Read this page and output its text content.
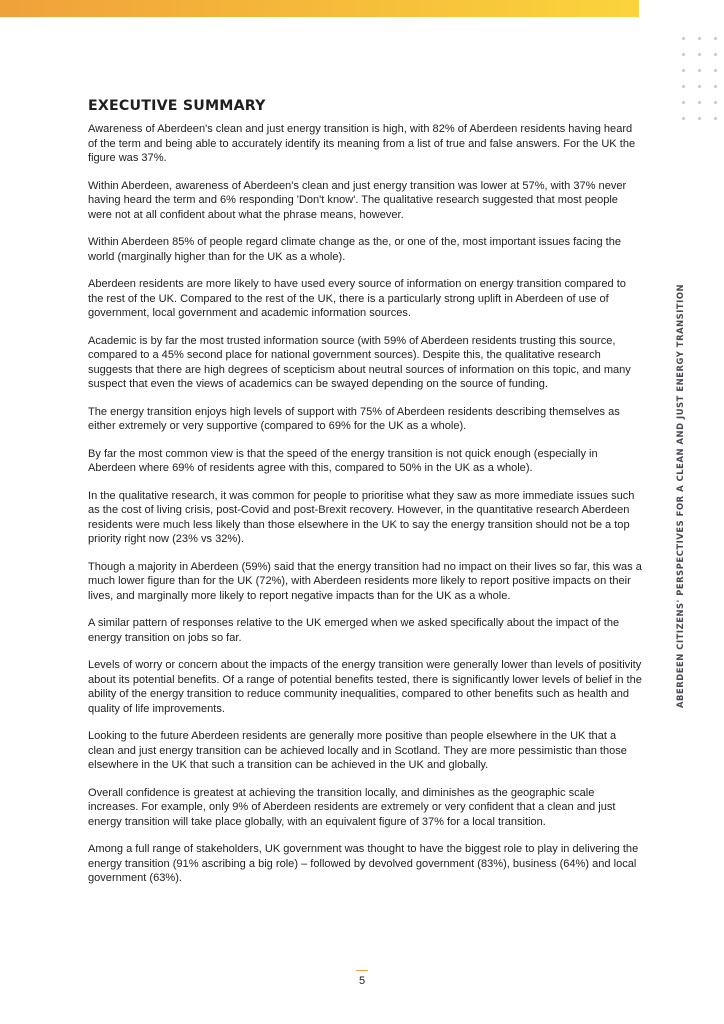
ABERDEEN CITIZENS' PERSPECTIVES FOR A CLEAN AND JUST ENERGY TRANSITION
EXECUTIVE SUMMARY

Awareness of Aberdeen's clean and just energy transition is high, with 82% of Aberdeen residents having heard of the term and being able to accurately identify its meaning from a list of true and false answers. For the UK the figure was 37%.

Within Aberdeen, awareness of Aberdeen's clean and just energy transition was lower at 57%, with 37% never having heard the term and 6% responding 'Don't know'. The qualitative research suggested that most people were not at all confident about what the phrase means, however.

Within Aberdeen 85% of people regard climate change as the, or one of the, most important issues facing the world (marginally higher than for the UK as a whole).

Aberdeen residents are more likely to have used every source of information on energy transition compared to the rest of the UK. Compared to the rest of the UK, there is a particularly strong uplift in Aberdeen of use of government, local government and academic information sources.

Academic is by far the most trusted information source (with 59% of Aberdeen residents trusting this source, compared to a 45% second place for national government sources). Despite this, the qualitative research suggests that there are high degrees of scepticism about neutral sources of information on this topic, and many suspect that even the views of academics can be swayed depending on the source of funding.

The energy transition enjoys high levels of support with 75% of Aberdeen residents describing themselves as either extremely or very supportive (compared to 69% for the UK as a whole).

By far the most common view is that the speed of the energy transition is not quick enough (especially in Aberdeen where 69% of residents agree with this, compared to 50% in the UK as a whole).

In the qualitative research, it was common for people to prioritise what they saw as more immediate issues such as the cost of living crisis, post-Covid and post-Brexit recovery. However, in the quantitative research Aberdeen residents were much less likely than those elsewhere in the UK to say the energy transition should not be a top priority right now (23% vs 32%).

Though a majority in Aberdeen (59%) said that the energy transition had no impact on their lives so far, this was a much lower figure than for the UK (72%), with Aberdeen residents more likely to report positive impacts on their lives, and marginally more likely to report negative impacts than for the UK as a whole.

A similar pattern of responses relative to the UK emerged when we asked specifically about the impact of the energy transition on jobs so far.

Levels of worry or concern about the impacts of the energy transition were generally lower than levels of positivity about its potential benefits. Of a range of potential benefits tested, there is significantly lower levels of belief in the ability of the energy transition to reduce community inequalities, compared to other benefits such as health and quality of life improvements.

Looking to the future Aberdeen residents are generally more positive than people elsewhere in the UK that a clean and just energy transition can be achieved locally and in Scotland. They are more pessimistic than those elsewhere in the UK that such a transition can be achieved in the UK and globally.

Overall confidence is greatest at achieving the transition locally, and diminishes as the geographic scale increases. For example, only 9% of Aberdeen residents are extremely or very confident that a clean and just energy transition will take place globally, with an equivalent figure of 37% for a local transition.

Among a full range of stakeholders, UK government was thought to have the biggest role to play in delivering the energy transition (91% ascribing a big role) – followed by devolved government (83%), business (64%) and local government (63%).

5
